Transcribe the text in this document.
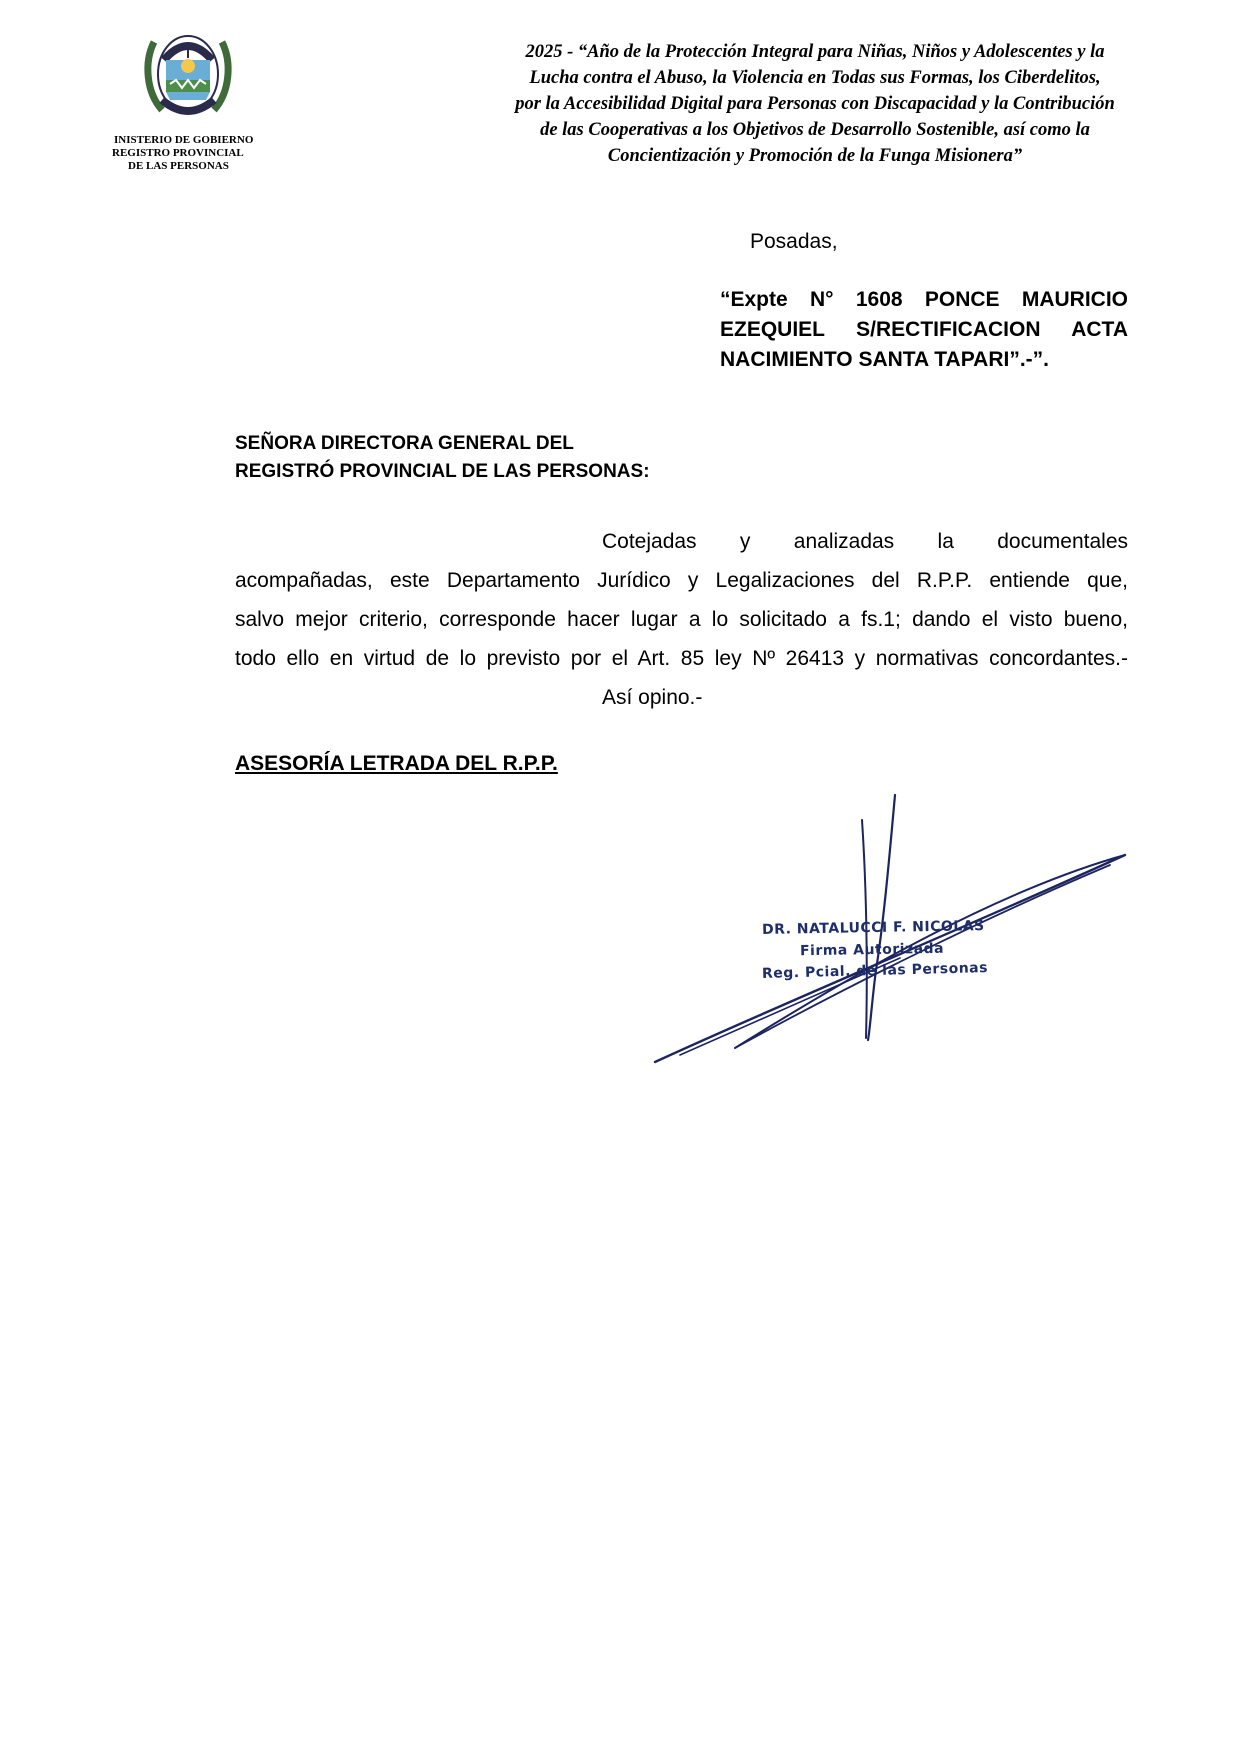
INISTERIO DE GOBIERNO
REGISTRO PROVINCIAL
DE LAS PERSONAS
2025 - “Año de la Protección Integral para Niñas, Niños y Adolescentes y la
Lucha contra el Abuso, la Violencia en Todas sus Formas, los Ciberdelitos,
por la Accesibilidad Digital para Personas con Discapacidad y la Contribución
de las Cooperativas a los Objetivos de Desarrollo Sostenible, así como la
Concientización y Promoción de la Funga Misionera”
Posadas,
“Expte N° 1608 PONCE MAURICIO
EZEQUIEL S/RECTIFICACION ACTA
NACIMIENTO SANTA TAPARI”.-”.
SEÑORA DIRECTORA GENERAL DEL
REGISTRÓ PROVINCIAL DE LAS PERSONAS:
Cotejadas y analizadas la documentales
acompañadas, este Departamento Jurídico y Legalizaciones del R.P.P. entiende que,
salvo mejor criterio, corresponde hacer lugar a lo solicitado a fs.1; dando el visto bueno,
todo ello en virtud de lo previsto por el Art. 85 ley Nº 26413 y normativas concordantes.-
Así opino.-
ASESORÍA LETRADA DEL R.P.P.
DR. NATALUCCI F. NICOLAS
Firma Autorizada
Reg. Pcial. de las Personas
